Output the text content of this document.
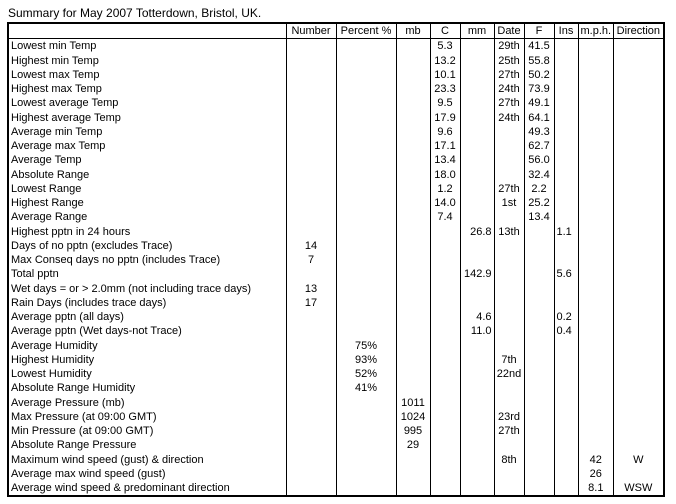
Summary for May 2007 Totterdown, Bristol, UK.
	Number	Percent %	mb	C	mm	Date	F	Ins	m.p.h.	Direction
Lowest min Temp				5.3		29th	41.5			
Highest min Temp				13.2		25th	55.8			
Lowest max Temp				10.1		27th	50.2			
Highest max Temp				23.3		24th	73.9			
Lowest average Temp				9.5		27th	49.1			
Highest average Temp				17.9		24th	64.1			
Average min Temp				9.6			49.3			
Average max Temp				17.1			62.7			
Average Temp				13.4			56.0			
Absolute Range				18.0			32.4			
Lowest Range				1.2		27th	2.2			
Highest Range				14.0		1st	25.2			
Average Range				7.4			13.4			
Highest pptn in 24 hours					26.8	13th		1.1		
Days of no pptn (excludes Trace)	14									
Max Conseq days no pptn (includes Trace)	7									
Total pptn					142.9			5.6		
Wet days = or > 2.0mm (not including trace days)	13									
Rain Days (includes trace days)	17									
Average pptn (all days)					4.6			0.2		
Average pptn (Wet days-not Trace)					11.0			0.4		
Average Humidity		75%								
Highest Humidity		93%				7th				
Lowest Humidity		52%				22nd				
Absolute Range Humidity		41%								
Average Pressure (mb)			1011							
Max Pressure (at 09:00 GMT)			1024			23rd				
Min Pressure (at 09:00 GMT)			995			27th				
Absolute Range Pressure			29							
Maximum wind speed (gust) & direction						8th			42	W
Average max wind speed (gust)									26	
Average wind speed & predominant direction									8.1	WSW
